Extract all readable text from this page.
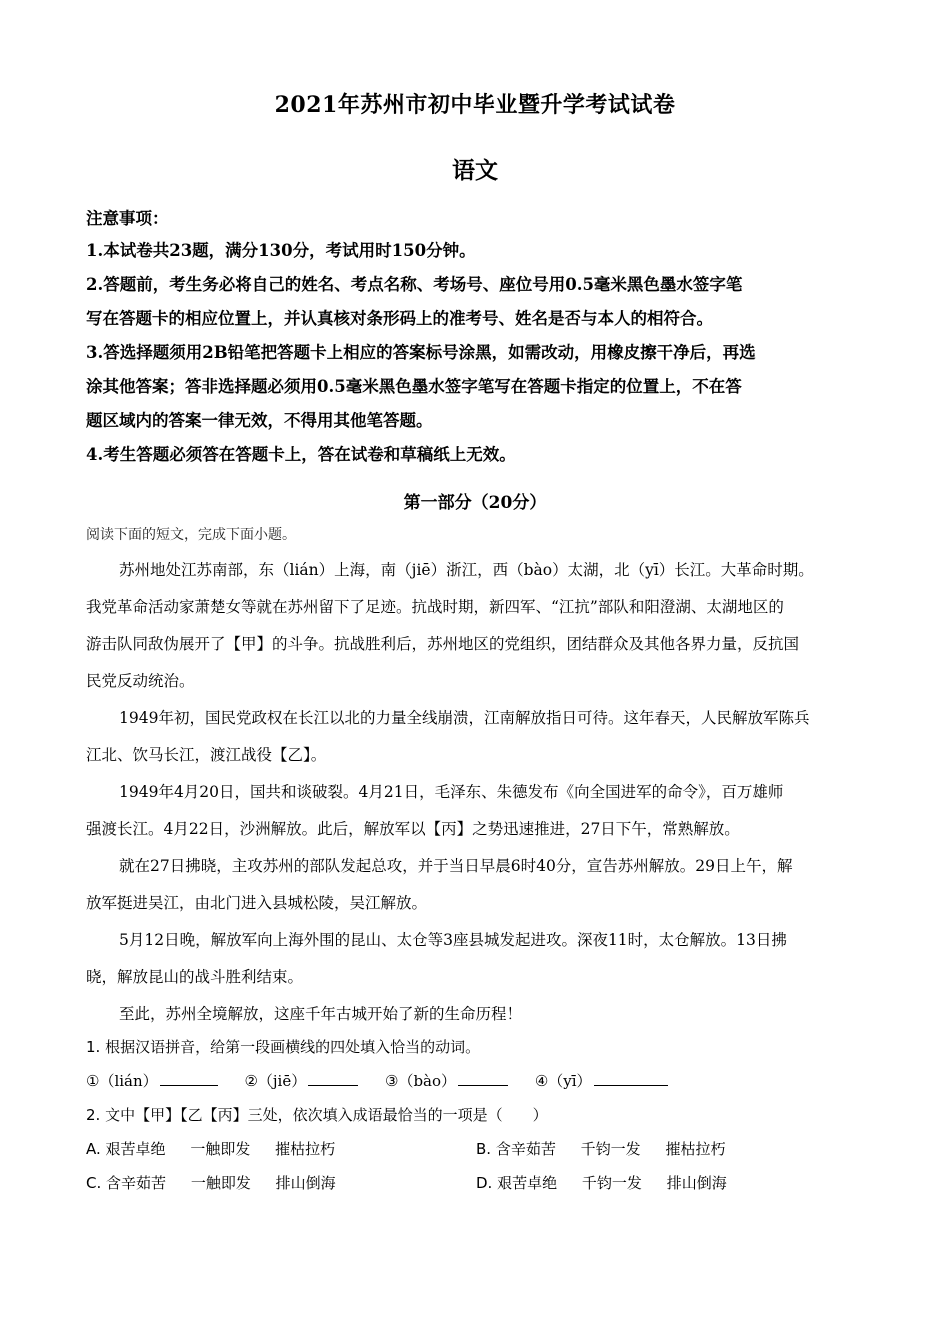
2021年苏州市初中毕业暨升学考试试卷
语文
注意事项：
1.本试卷共23题，满分130分，考试用时150分钟。
2.答题前，考生务必将自己的姓名、考点名称、考场号、座位号用0.5毫米黑色墨水签字笔
写在答题卡的相应位置上，并认真核对条形码上的准考号、姓名是否与本人的相符合。
3.答选择题须用2B铅笔把答题卡上相应的答案标号涂黑，如需改动，用橡皮擦干净后，再选
涂其他答案；答非选择题必须用0.5毫米黑色墨水签字笔写在答题卡指定的位置上，不在答
题区域内的答案一律无效，不得用其他笔答题。
4.考生答题必须答在答题卡上，答在试卷和草稿纸上无效。
第一部分（20分）
阅读下面的短文，完成下面小题。
苏州地处江苏南部，东（lián）上海，南（jiē）浙江，西（bào）太湖，北（yī）长江。大革命时期。
我党革命活动家萧楚女等就在苏州留下了足迹。抗战时期，新四军、“江抗”部队和阳澄湖、太湖地区的
游击队同敌伪展开了【甲】的斗争。抗战胜利后，苏州地区的党组织，团结群众及其他各界力量，反抗国
民党反动统治。
1949年初，国民党政权在长江以北的力量全线崩溃，江南解放指日可待。这年春天，人民解放军陈兵
江北、饮马长江，渡江战役【乙】。
1949年4月20日，国共和谈破裂。4月21日，毛泽东、朱德发布《向全国进军的命令》，百万雄师
强渡长江。4月22日，沙洲解放。此后，解放军以【丙】之势迅速推进，27日下午，常熟解放。
就在27日拂晓，主攻苏州的部队发起总攻，并于当日早晨6时40分，宣告苏州解放。29日上午，解
放军挺进吴江，由北门进入县城松陵，吴江解放。
5月12日晚，解放军向上海外围的昆山、太仓等3座县城发起进攻。深夜11时，太仓解放。13日拂
晓，解放昆山的战斗胜利结束。
至此，苏州全境解放，这座千年古城开始了新的生命历程！
1. 根据汉语拼音，给第一段画横线的四处填入恰当的动词。
①（lián）	②（jiē）	③（bào）	④（yī）
2. 文中【甲】【乙【丙】三处，依次填入成语最恰当的一项是（　　）
A. 艰苦卓绝 一触即发 摧枯拉朽	B. 含辛茹苦 千钧一发 摧枯拉朽
C. 含辛茹苦 一触即发 排山倒海	D. 艰苦卓绝 千钧一发 排山倒海
